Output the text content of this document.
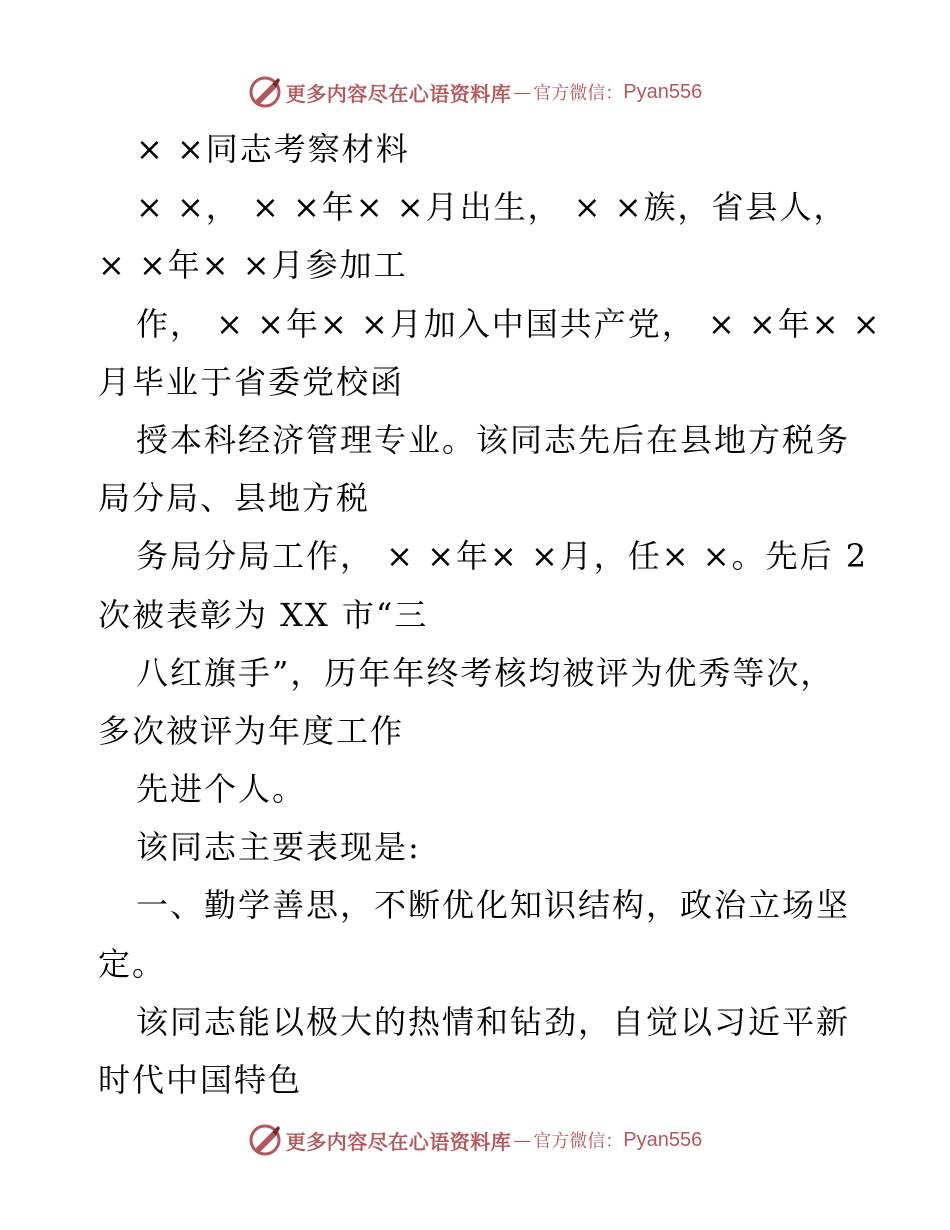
更多内容尽在心语资料库 — 官方微信： Pyan556
× ×同志考察材料
× ×， × ×年× ×月出生， × ×族，省县人，
× ×年× ×月参加工
作， × ×年× ×月加入中国共产党， × ×年× ×
月毕业于省委党校函
授本科经济管理专业。该同志先后在县地方税务
局分局、县地方税
务局分局工作， × ×年× ×月，任× ×。先后 2
次被表彰为 XX 市“三
八红旗手”，历年年终考核均被评为优秀等次，
多次被评为年度工作
先进个人。
该同志主要表现是:
一、勤学善思，不断优化知识结构，政治立场坚
定。
该同志能以极大的热情和钻劲，自觉以习近平新
时代中国特色
更多内容尽在心语资料库 — 官方微信： Pyan556
